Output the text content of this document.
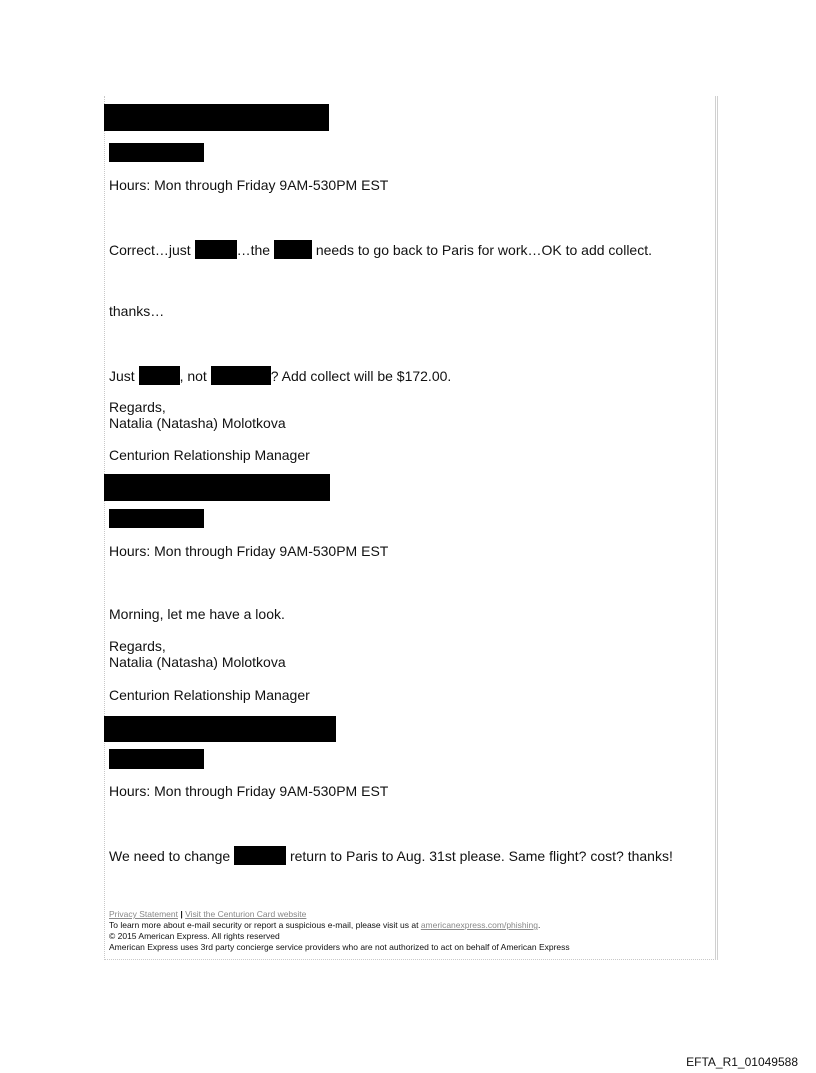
Hours: Mon through Friday 9AM-530PM EST
Correct…just	…the	needs to go back to Paris for work…OK to add collect.
thanks…
Just	, not	? Add collect will be $172.00.
Regards,
Natalia (Natasha) Molotkova
Centurion Relationship Manager
Hours: Mon through Friday 9AM-530PM EST
Morning, let me have a look.
Regards,
Natalia (Natasha) Molotkova
Centurion Relationship Manager
Hours: Mon through Friday 9AM-530PM EST
We need to change	return to Paris to Aug. 31st please. Same flight? cost? thanks!
Privacy Statement | Visit the Centurion Card website
To learn more about e-mail security or report a suspicious e-mail, please visit us at americanexpress.com/phishing.
© 2015 American Express. All rights reserved
American Express uses 3rd party concierge service providers who are not authorized to act on behalf of American Express
EFTA_R1_01049588
